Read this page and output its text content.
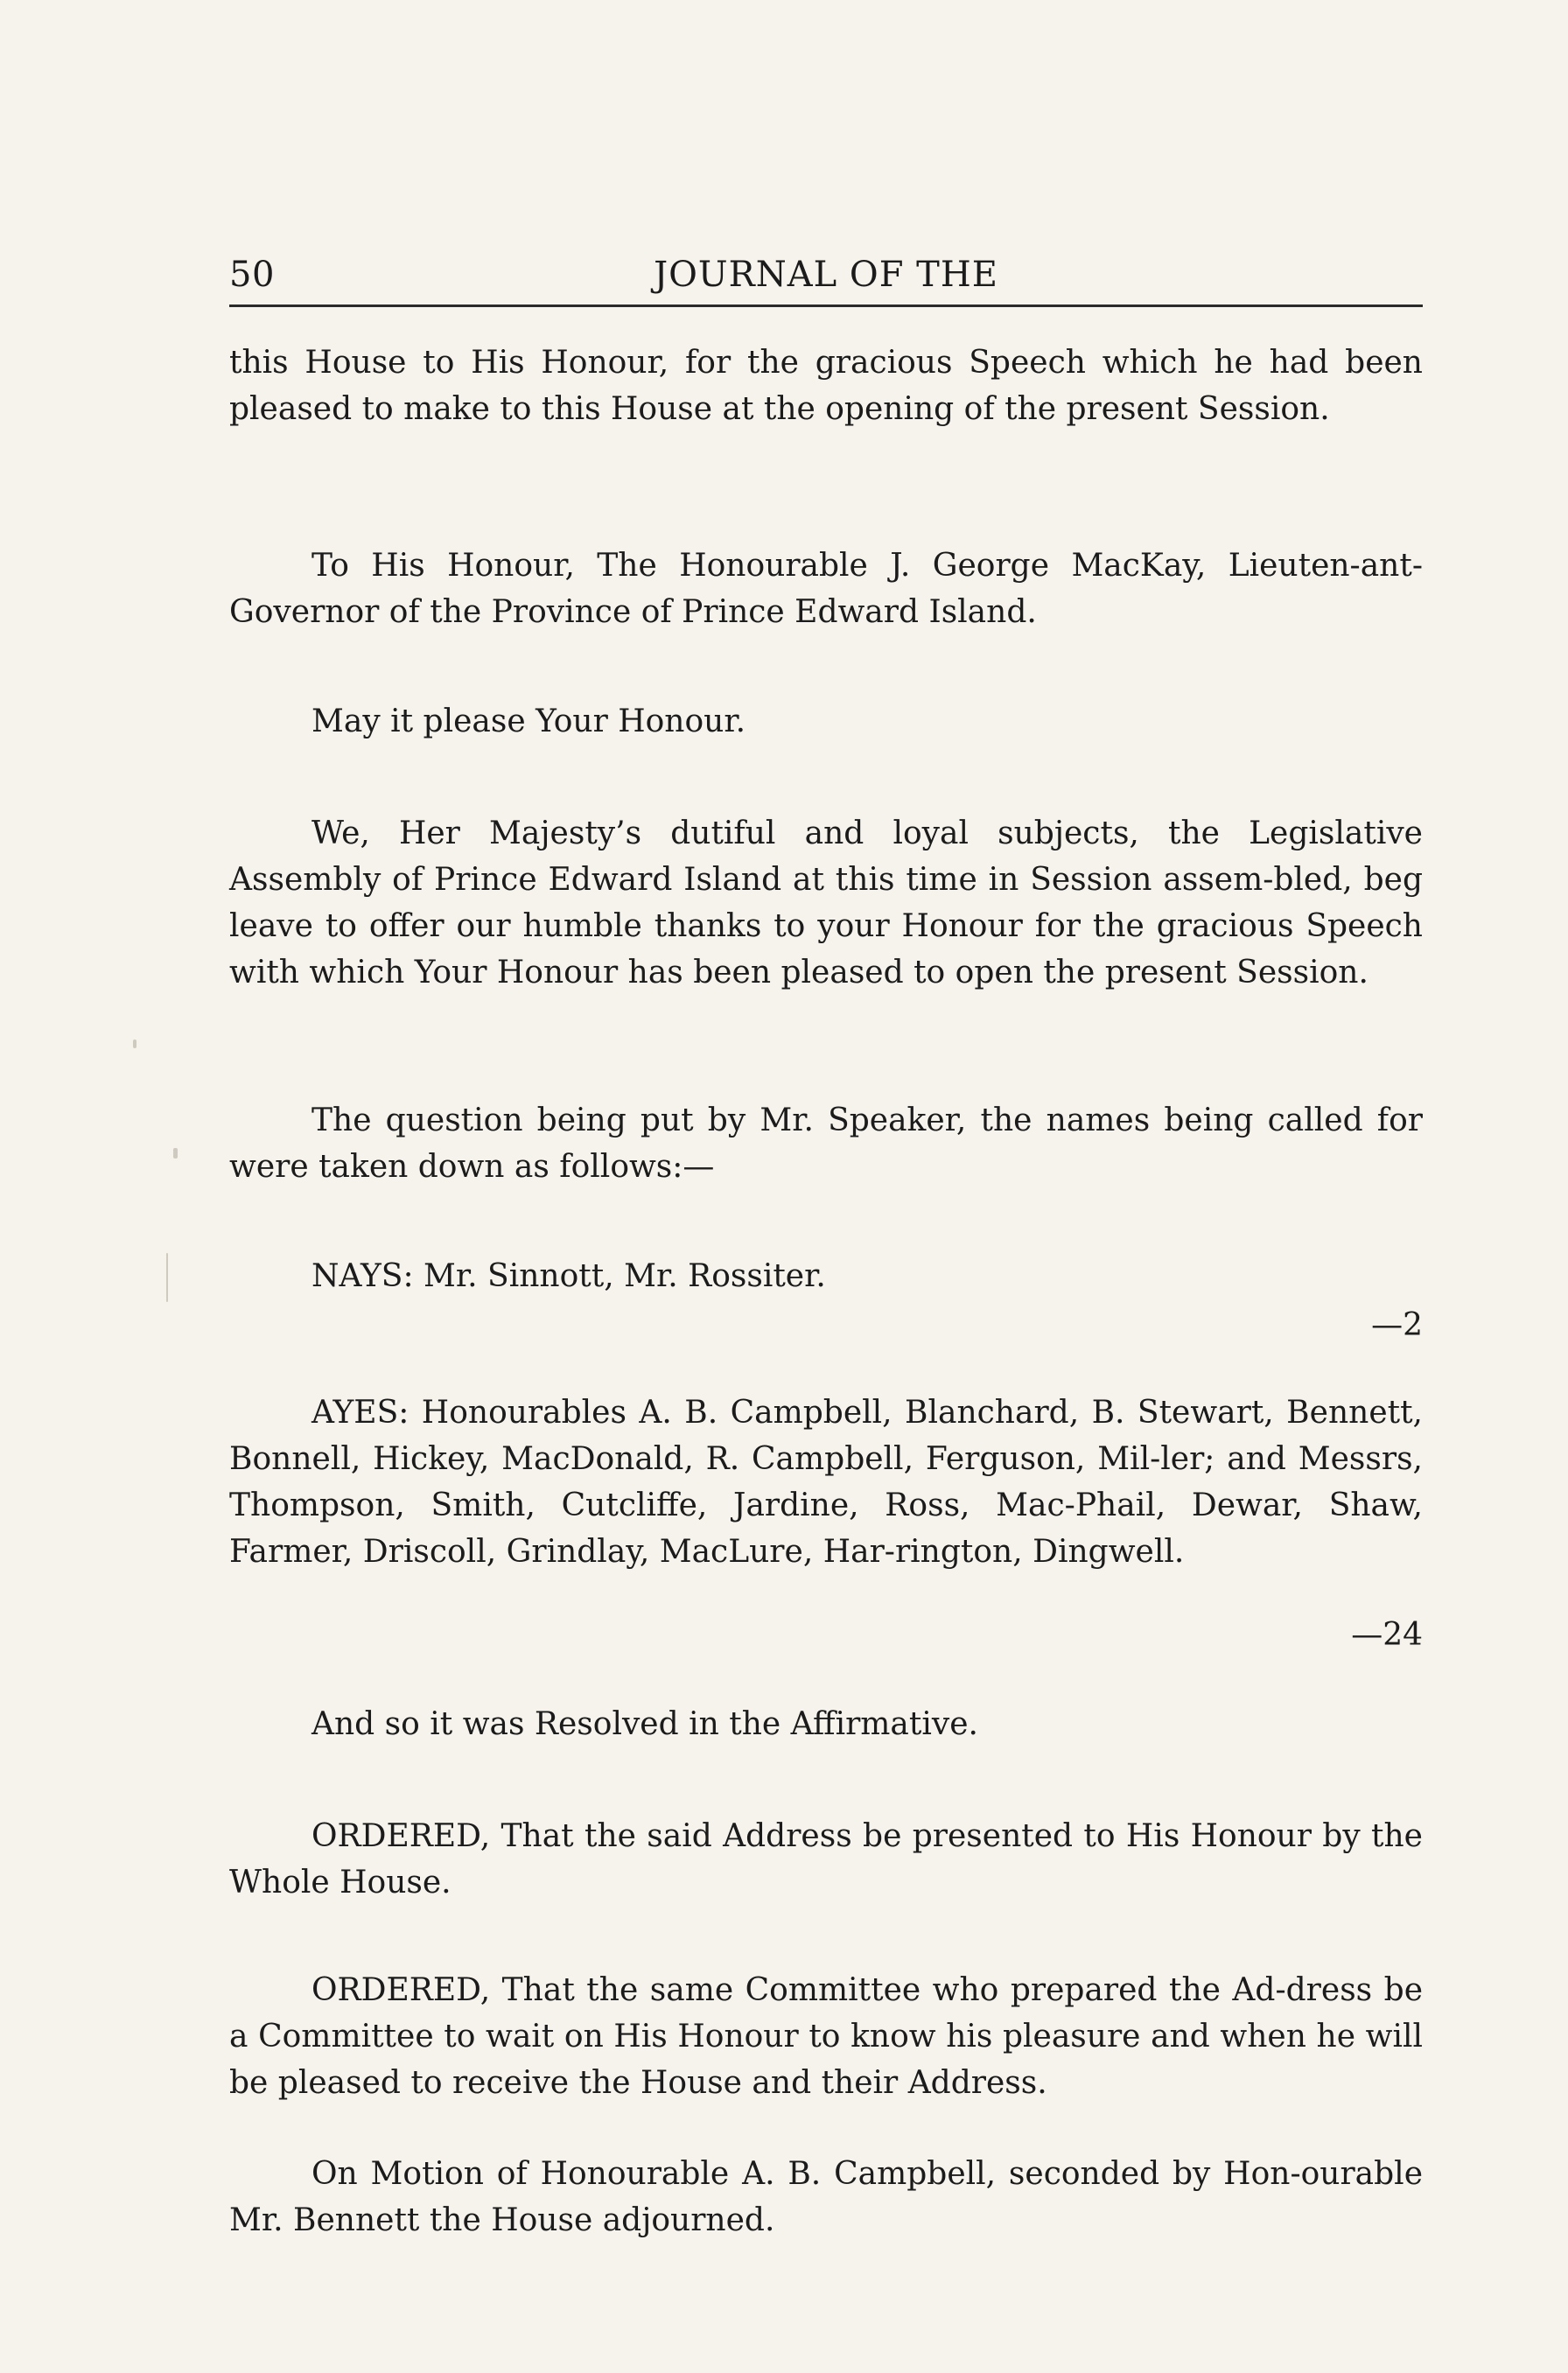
50	JOURNAL OF THE

this House to His Honour, for the gracious Speech which he had been pleased to make to this House at the opening of the present Session.

To His Honour, The Honourable J. George MacKay, Lieuten-ant-Governor of the Province of Prince Edward Island.

May it please Your Honour.

We, Her Majesty’s dutiful and loyal subjects, the Legislative Assembly of Prince Edward Island at this time in Session assem-bled, beg leave to offer our humble thanks to your Honour for the gracious Speech with which Your Honour has been pleased to open the present Session.

The question being put by Mr. Speaker, the names being called for were taken down as follows:—

NAYS: Mr. Sinnott, Mr. Rossiter.

—2

AYES: Honourables A. B. Campbell, Blanchard, B. Stewart, Bennett, Bonnell, Hickey, MacDonald, R. Campbell, Ferguson, Mil-ler; and Messrs, Thompson, Smith, Cutcliffe, Jardine, Ross, Mac-Phail, Dewar, Shaw, Farmer, Driscoll, Grindlay, MacLure, Har-rington, Dingwell.

—24

And so it was Resolved in the Affirmative.

ORDERED, That the said Address be presented to His Honour by the Whole House.

ORDERED, That the same Committee who prepared the Ad-dress be a Committee to wait on His Honour to know his pleasure and when he will be pleased to receive the House and their Address.

On Motion of Honourable A. B. Campbell, seconded by Hon-ourable Mr. Bennett the House adjourned.
